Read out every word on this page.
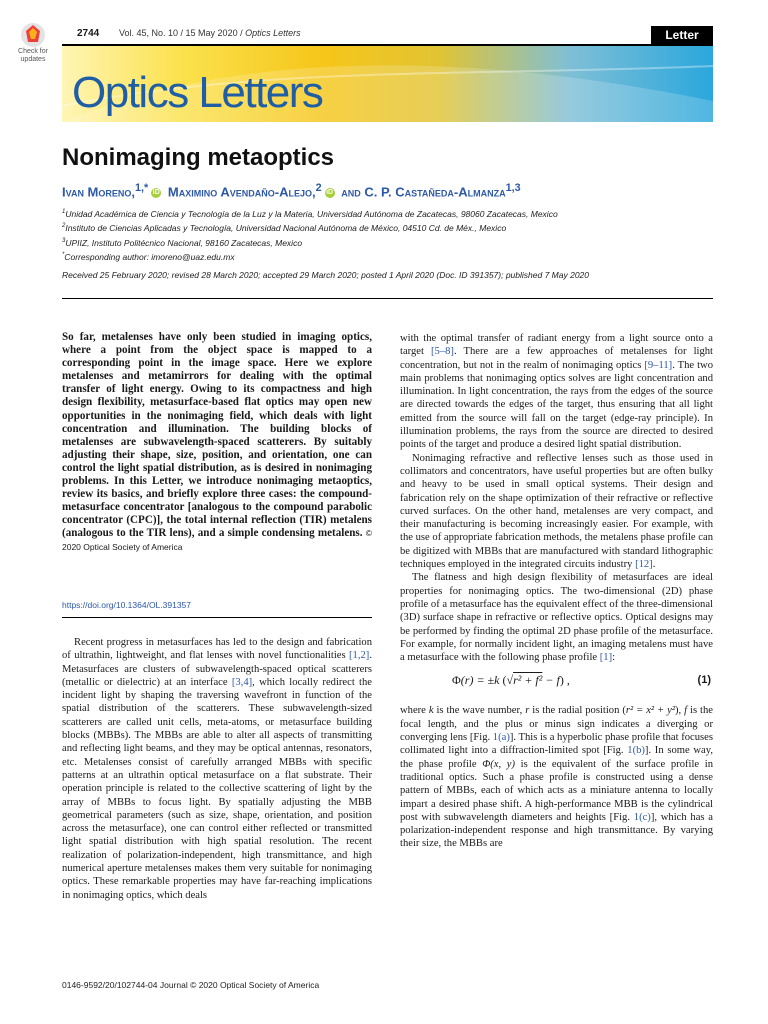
Check for updates
2744 Vol. 45, No. 10 / 15 May 2020 / Optics Letters	Letter
Optics Letters
Nonimaging metaoptics
Ivan Moreno,$^{1,*}$ iD Maximino Avendaño-Alejo,$^2$ iD and C. P. Castañeda-Almanza$^{1,3}$
$^1$Unidad Académica de Ciencia y Tecnología de la Luz y la Materia, Universidad Autónoma de Zacatecas, 98060 Zacatecas, Mexico
$^2$Instituto de Ciencias Aplicadas y Tecnología, Universidad Nacional Autónoma de México, 04510 Cd. de Méx., Mexico
$^3$UPIIZ, Instituto Politécnico Nacional, 98160 Zacatecas, Mexico
*Corresponding author: imoreno@uaz.edu.mx
Received 25 February 2020; revised 28 March 2020; accepted 29 March 2020; posted 1 April 2020 (Doc. ID 391357); published 7 May 2020
So far, metalenses have only been studied in imaging optics, where a point from the object space is mapped to a corresponding point in the image space. Here we explore metalenses and metamirrors for dealing with the optimal transfer of light energy. Owing to its compactness and high design flexibility, metasurface-based flat optics may open new opportunities in the nonimaging field, which deals with light concentration and illumination. The building blocks of metalenses are subwavelength-spaced scatterers. By suitably adjusting their shape, size, position, and orientation, one can control the light spatial distribution, as is desired in nonimaging problems. In this Letter, we introduce nonimaging metaoptics, review its basics, and briefly explore three cases: the compound-metasurface concentrator [analogous to the compound parabolic concentrator (CPC)], the total internal reflection (TIR) metalens (analogous to the TIR lens), and a simple condensing metalens. © 2020 Optical Society of America
https://doi.org/10.1364/OL.391357

Recent progress in metasurfaces has led to the design and fabrication of ultrathin, lightweight, and flat lenses with novel functionalities [1,2]. Metasurfaces are clusters of subwavelength-spaced optical scatterers (metallic or dielectric) at an interface [3,4], which locally redirect the incident light by shaping the traversing wavefront in function of the spatial distribution of the scatterers. These subwavelength-sized scatterers are called unit cells, meta-atoms, or metasurface building blocks (MBBs). The MBBs are able to alter all aspects of transmitting and reflecting light beams, and they may be optical antennas, resonators, etc. Metalenses consist of carefully arranged MBBs with specific patterns at an ultrathin optical metasurface on a flat substrate. Their operation principle is related to the collective scattering of light by the array of MBBs to focus light. By spatially adjusting the MBB geometrical parameters (such as size, shape, orientation, and position across the metasurface), one can control either reflected or transmitted light spatial distribution with high spatial resolution. The recent realization of polarization-independent, high transmittance, and high numerical aperture metalenses makes them very suitable for nonimaging optics. These remarkable properties may have far-reaching implications in nonimaging optics, which deals

with the optimal transfer of radiant energy from a light source onto a target [5–8]. There are a few approaches of metalenses for light concentration, but not in the realm of nonimaging optics [9–11]. The two main problems that nonimaging optics solves are light concentration and illumination. In light concentration, the rays from the edges of the source are directed towards the edges of the target, thus ensuring that all light emitted from the source will fall on the target (edge-ray principle). In illumination problems, the rays from the source are directed to desired points of the target and produce a desired light spatial distribution.

Nonimaging refractive and reflective lenses such as those used in collimators and concentrators, have useful properties but are often bulky and heavy to be used in small optical systems. Their design and fabrication rely on the shape optimization of their refractive or reflective curved surfaces. On the other hand, metalenses are very compact, and their manufacturing is becoming increasingly easier. For example, with the use of appropriate fabrication methods, the metalens phase profile can be digitized with MBBs that are manufactured with standard lithographic techniques employed in the integrated circuits industry [12].

The flatness and high design flexibility of metasurfaces are ideal properties for nonimaging optics. The two-dimensional (2D) phase profile of a metasurface has the equivalent effect of the three-dimensional (3D) surface shape in refractive or reflective optics. Optical designs may be performed by finding the optimal 2D phase profile of the metasurface. For example, for normally incident light, an imaging metalens must have a metasurface with the following phase profile [1]:

Φ(r) = ±k (√r² + f² − f) ,	(1)

where k is the wave number, r is the radial position (r² = x² + y²), f is the focal length, and the plus or minus sign indicates a diverging or converging lens [Fig. 1(a)]. This is a hyperbolic phase profile that focuses collimated light into a diffraction-limited spot [Fig. 1(b)]. In some way, the phase profile Φ(x, y) is the equivalent of the surface profile in traditional optics. Such a phase profile is constructed using a dense pattern of MBBs, each of which acts as a miniature antenna to locally impart a desired phase shift. A high-performance MBB is the cylindrical post with subwavelength diameters and heights [Fig. 1(c)], which has a polarization-independent response and high transmittance. By varying their size, the MBBs are

0146-9592/20/102744-04 Journal © 2020 Optical Society of America
